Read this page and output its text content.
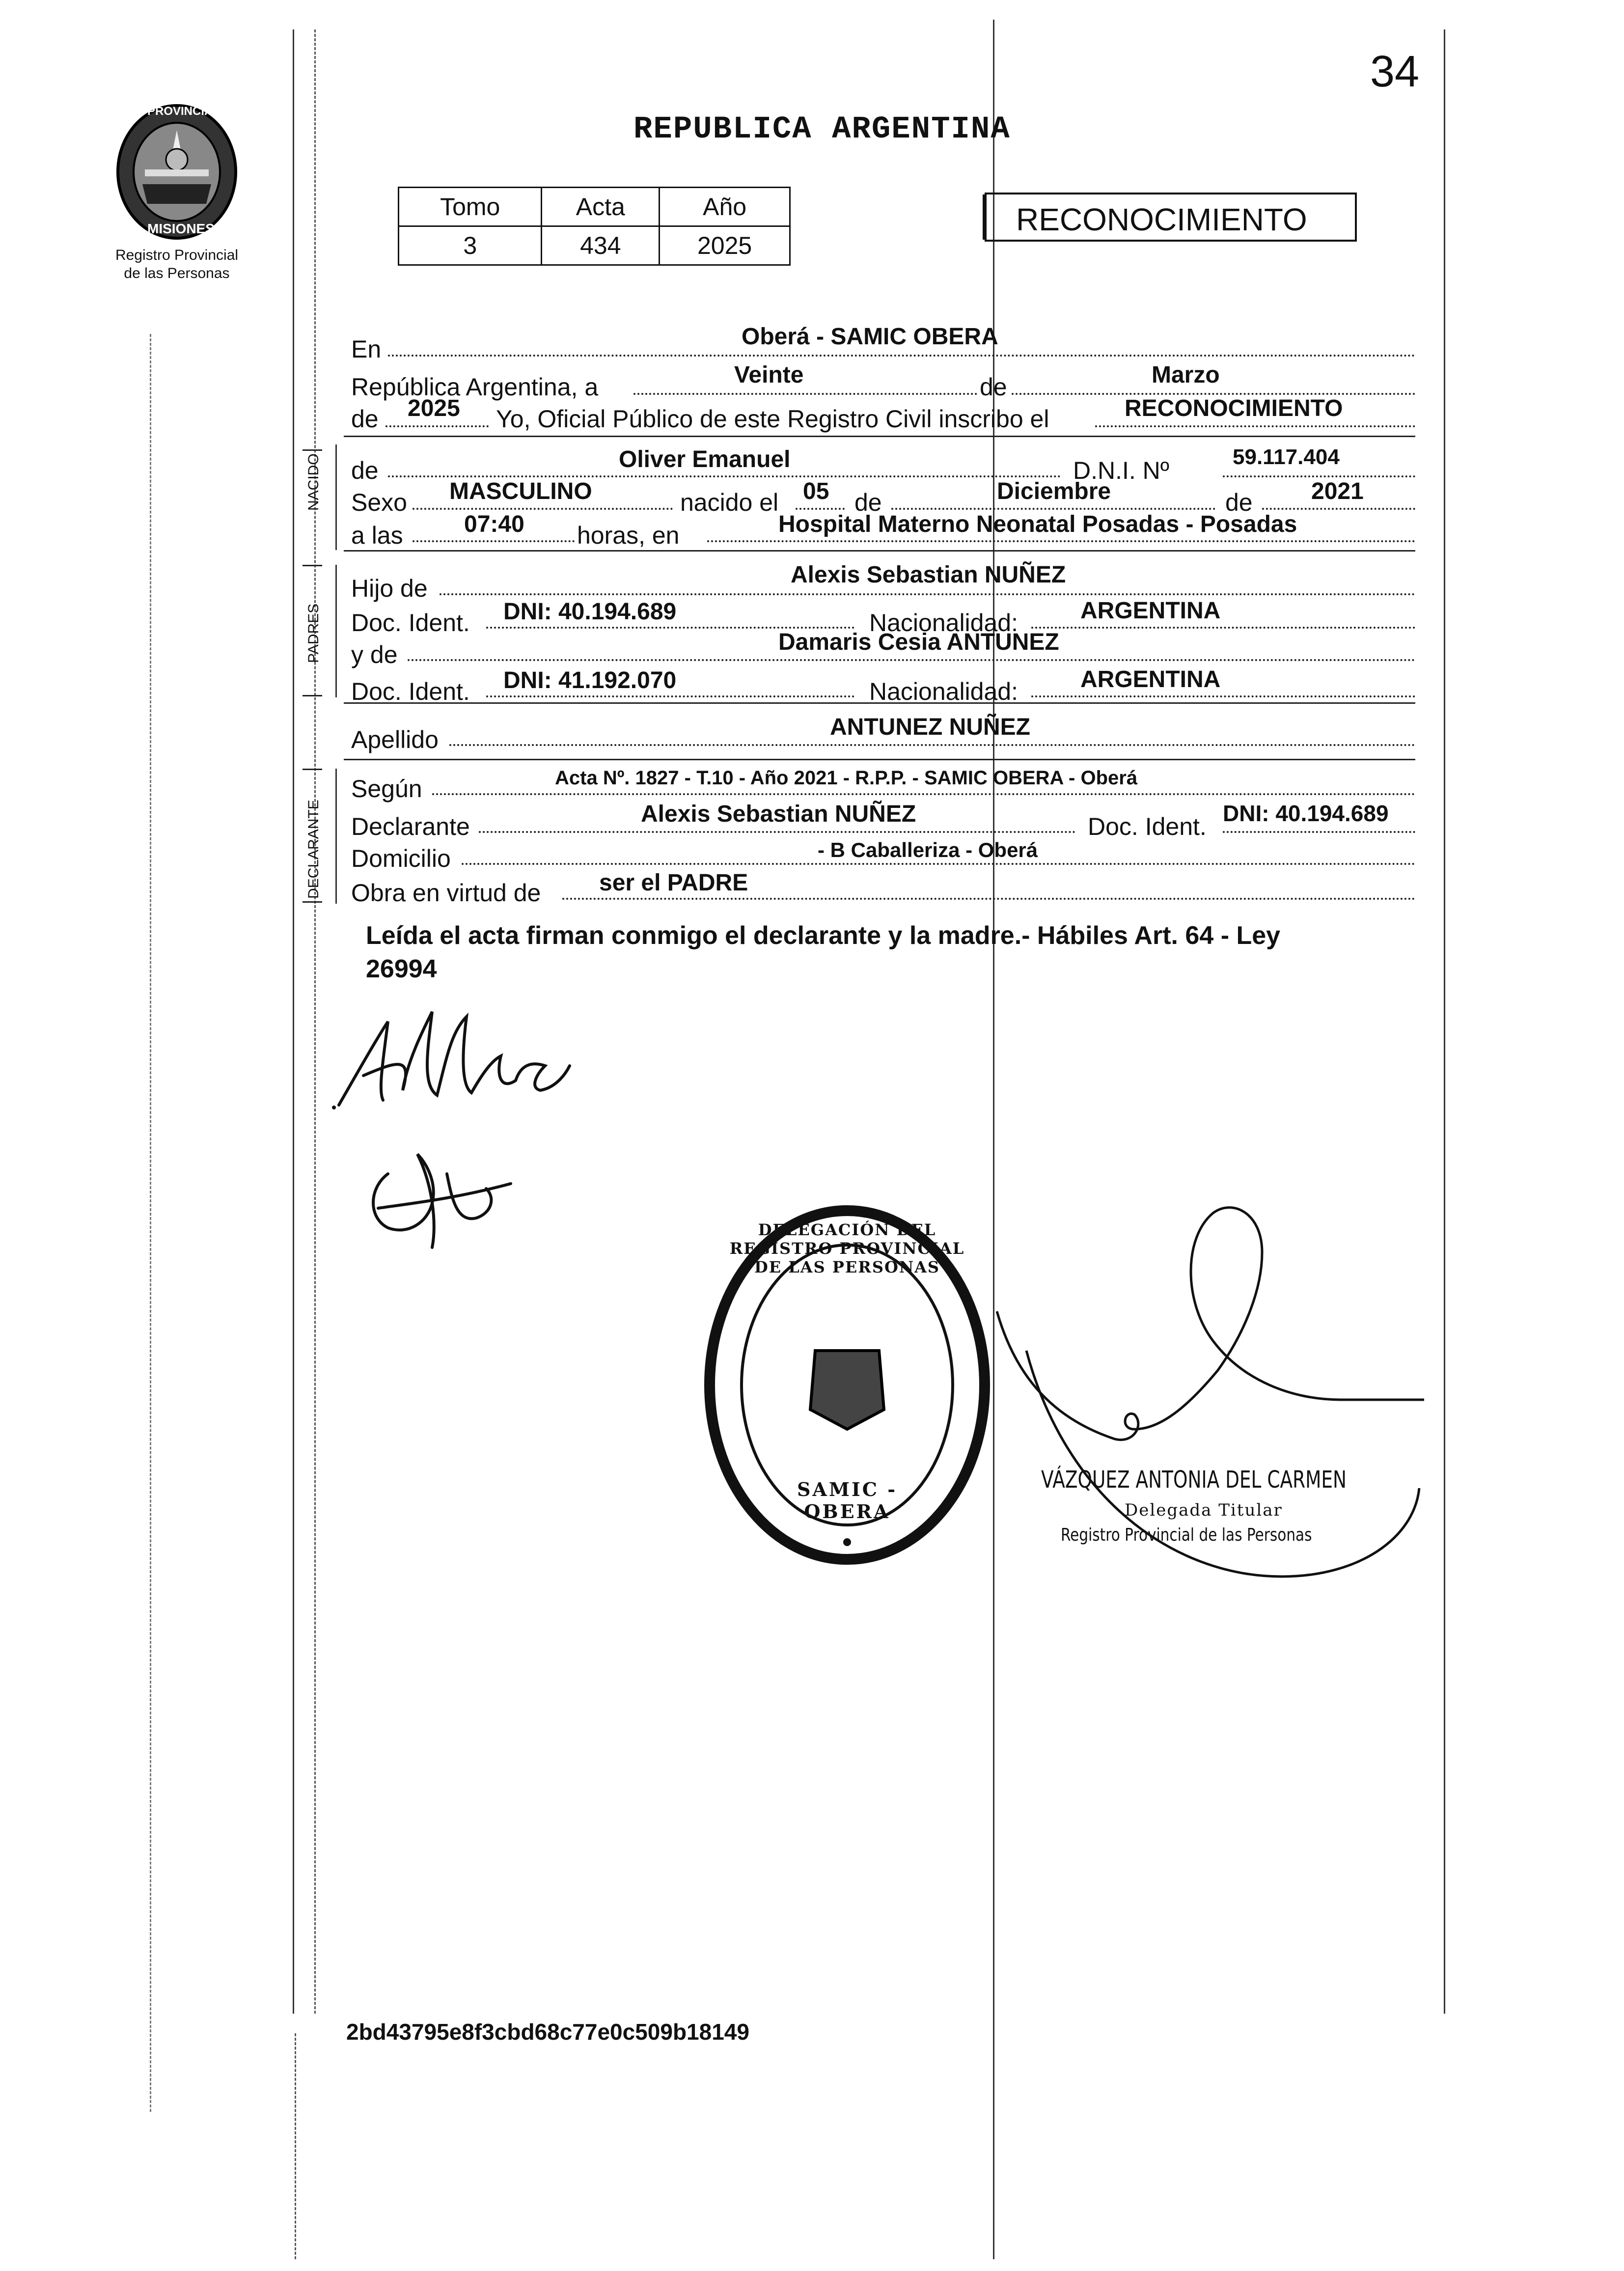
34
PROVINCIA DE
MISIONES
Registro Provincial
de las Personas
REPUBLICA ARGENTINA
Tomo	Acta	Año
3	434	2025
RECONOCIMIENTO
NACIDO
PADRES
DECLARANTE
En	Oberá - SAMIC OBERA
República Argentina, a	Veinte	de	Marzo
de 2025 Yo, Oficial Público de este Registro Civil inscribo el	RECONOCIMIENTO
de	Oliver Emanuel	D.N.I. Nº	59.117.404
Sexo MASCULINO	nacido el 05 de	Diciembre	de 2021
a las	07:40 horas, en	Hospital Materno Neonatal Posadas - Posadas
Hijo de	Alexis Sebastian NUÑEZ
Doc. Ident. DNI: 40.194.689	Nacionalidad:	ARGENTINA
y de	Damaris Cesia ANTUNEZ
Doc. Ident. DNI: 41.192.070	Nacionalidad:	ARGENTINA
Apellido	ANTUNEZ NUÑEZ
Según	Acta Nº. 1827 - T.10 - Año 2021 - R.P.P. - SAMIC OBERA - Oberá
Declarante	Alexis Sebastian NUÑEZ	Doc. Ident. DNI: 40.194.689
Domicilio	- B Caballeriza - Oberá
Obra en virtud de ser el PADRE
Leída el acta firman conmigo el declarante y la madre.- Hábiles Art. 64 - Ley
26994
DELEGACIÓN DEL REGISTRO PROVINCIAL DE LAS PERSONAS
SAMIC - OBERA
VÁZQUEZ ANTONIA DEL CARMEN
Delegada Titular
Registro Provincial de las Personas
2bd43795e8f3cbd68c77e0c509b18149
